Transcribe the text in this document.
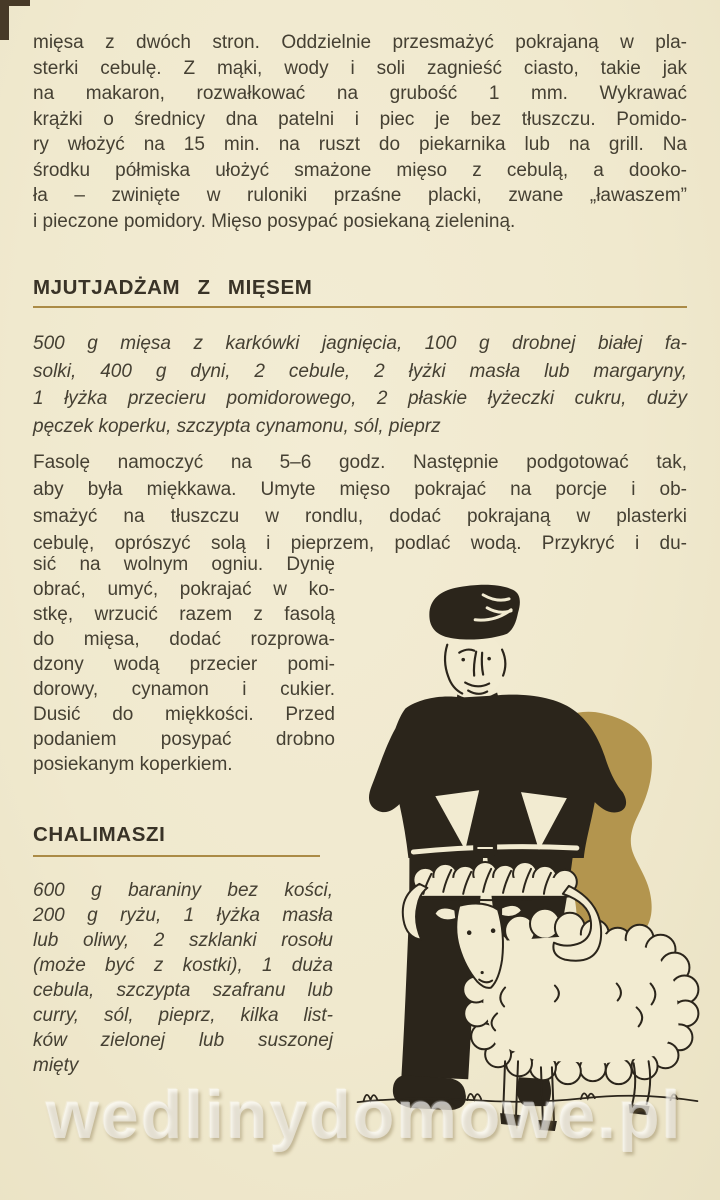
mięsa z dwóch stron. Oddzielnie przesmażyć pokrajaną w pla-
sterki cebulę. Z mąki, wody i soli zagnieść ciasto, takie jak
na makaron, rozwałkować na grubość 1 mm. Wykrawać
krążki o średnicy dna patelni i piec je bez tłuszczu. Pomido-
ry włożyć na 15 min. na ruszt do piekarnika lub na grill. Na
środku półmiska ułożyć smażone mięso z cebulą, a dooko-
ła – zwinięte w ruloniki przaśne placki, zwane „ławaszem”
i pieczone pomidory. Mięso posypać posiekaną zieleniną.
MJUTJADŻAM Z MIĘSEM
500 g mięsa z karkówki jagnięcia, 100 g drobnej białej fa-
solki, 400 g dyni, 2 cebule, 2 łyżki masła lub margaryny,
1 łyżka przecieru pomidorowego, 2 płaskie łyżeczki cukru, duży
pęczek koperku, szczypta cynamonu, sól, pieprz
Fasolę namoczyć na 5–6 godz. Następnie podgotować tak,
aby była miękkawa. Umyte mięso pokrajać na porcje i ob-
smażyć na tłuszczu w rondlu, dodać pokrajaną w plasterki
cebulę, oprószyć solą i pieprzem, podlać wodą. Przykryć i du-
sić na wolnym ogniu. Dynię
obrać, umyć, pokrajać w ko-
stkę, wrzucić razem z fasolą
do mięsa, dodać rozprowa-
dzony wodą przecier pomi-
dorowy, cynamon i cukier.
Dusić do miękkości. Przed
podaniem posypać drobno
posiekanym koperkiem.
CHALIMASZI
600 g baraniny bez kości,
200 g ryżu, 1 łyżka masła
lub oliwy, 2 szklanki rosołu
(może być z kostki), 1 duża
cebula, szczypta szafranu lub
curry, sól, pieprz, kilka list-
ków zielonej lub suszonej
mięty
wedlinydomowe.pl
